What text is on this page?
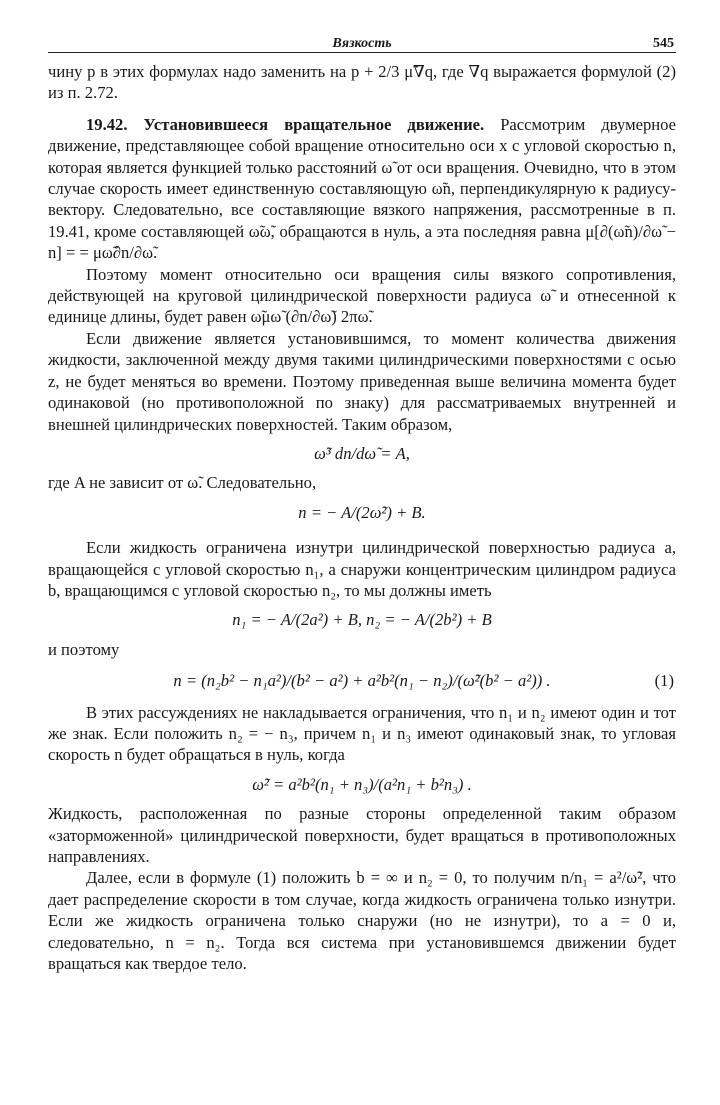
Вязкость	545

чину p в этих формулах надо заменить на p + 2/3 μ̃∇q, где ∇q выражается формулой (2) из п. 2.72.

19.42. Установившееся вращательное движение. Рассмотрим двумерное движение, представляющее собой вращение относительно оси x с угловой скоростью n, которая является функцией только расстояний ω̃ от оси вращения. Очевидно, что в этом случае скорость имеет единственную составляющую ω̃n, перпендикулярную к радиусу-вектору. Следовательно, все составляющие вязкого напряжения, рассмотренные в п. 19.41, кроме составляющей ω̃ω̃, обращаются в нуль, а эта последняя равна μ[∂(ω̃n)/∂ω̃ − n] = = μω̃∂n/∂ω̃.

Поэтому момент относительно оси вращения силы вязкого сопротивления, действующей на круговой цилиндрической поверхности радиуса ω̃ и отнесенной к единице длины, будет равен ω̃μω̃ (∂n/∂ω̃) 2πω̃.

Если движение является установившимся, то момент количества движения жидкости, заключенной между двумя такими цилиндрическими поверхностями с осью z, не будет меняться во времени. Поэтому приведенная выше величина момента будет одинаковой (но противоположной по знаку) для рассматриваемых внутренней и внешней цилиндрических поверхностей. Таким образом,

ω̃³ dn/dω̃ = A,

где A не зависит от ω̃. Следовательно,

n = − A/(2ω̃²) + B.

Если жидкость ограничена изнутри цилиндрической поверхностью радиуса a, вращающейся с угловой скоростью n₁, а снаружи концентрическим цилиндром радиуса b, вращающимся с угловой скоростью n₂, то мы должны иметь

n₁ = − A/(2a²) + B, n₂ = − A/(2b²) + B

и поэтому

n = (n₂b² − n₁a²)/(b² − a²) + a²b²(n₁ − n₂)/(ω̃²(b² − a²)) .	(1)

В этих рассуждениях не накладывается ограничения, что n₁ и n₂ имеют один и тот же знак. Если положить n₂ = − n₃, причем n₁ и n₃ имеют одинаковый знак, то угловая скорость n будет обращаться в нуль, когда

ω̃² = a²b²(n₁ + n₃)/(a²n₁ + b²n₃) .

Жидкость, расположенная по разные стороны определенной таким образом «заторможенной» цилиндрической поверхности, будет вращаться в противоположных направлениях.

Далее, если в формуле (1) положить b = ∞ и n₂ = 0, то получим n/n₁ = a²/ω̃², что дает распределение скорости в том случае, когда жидкость ограничена только изнутри. Если же жидкость ограничена только снаружи (но не изнутри), то a = 0 и, следовательно, n = n₂. Тогда вся система при установившемся движении будет вращаться как твердое тело.
